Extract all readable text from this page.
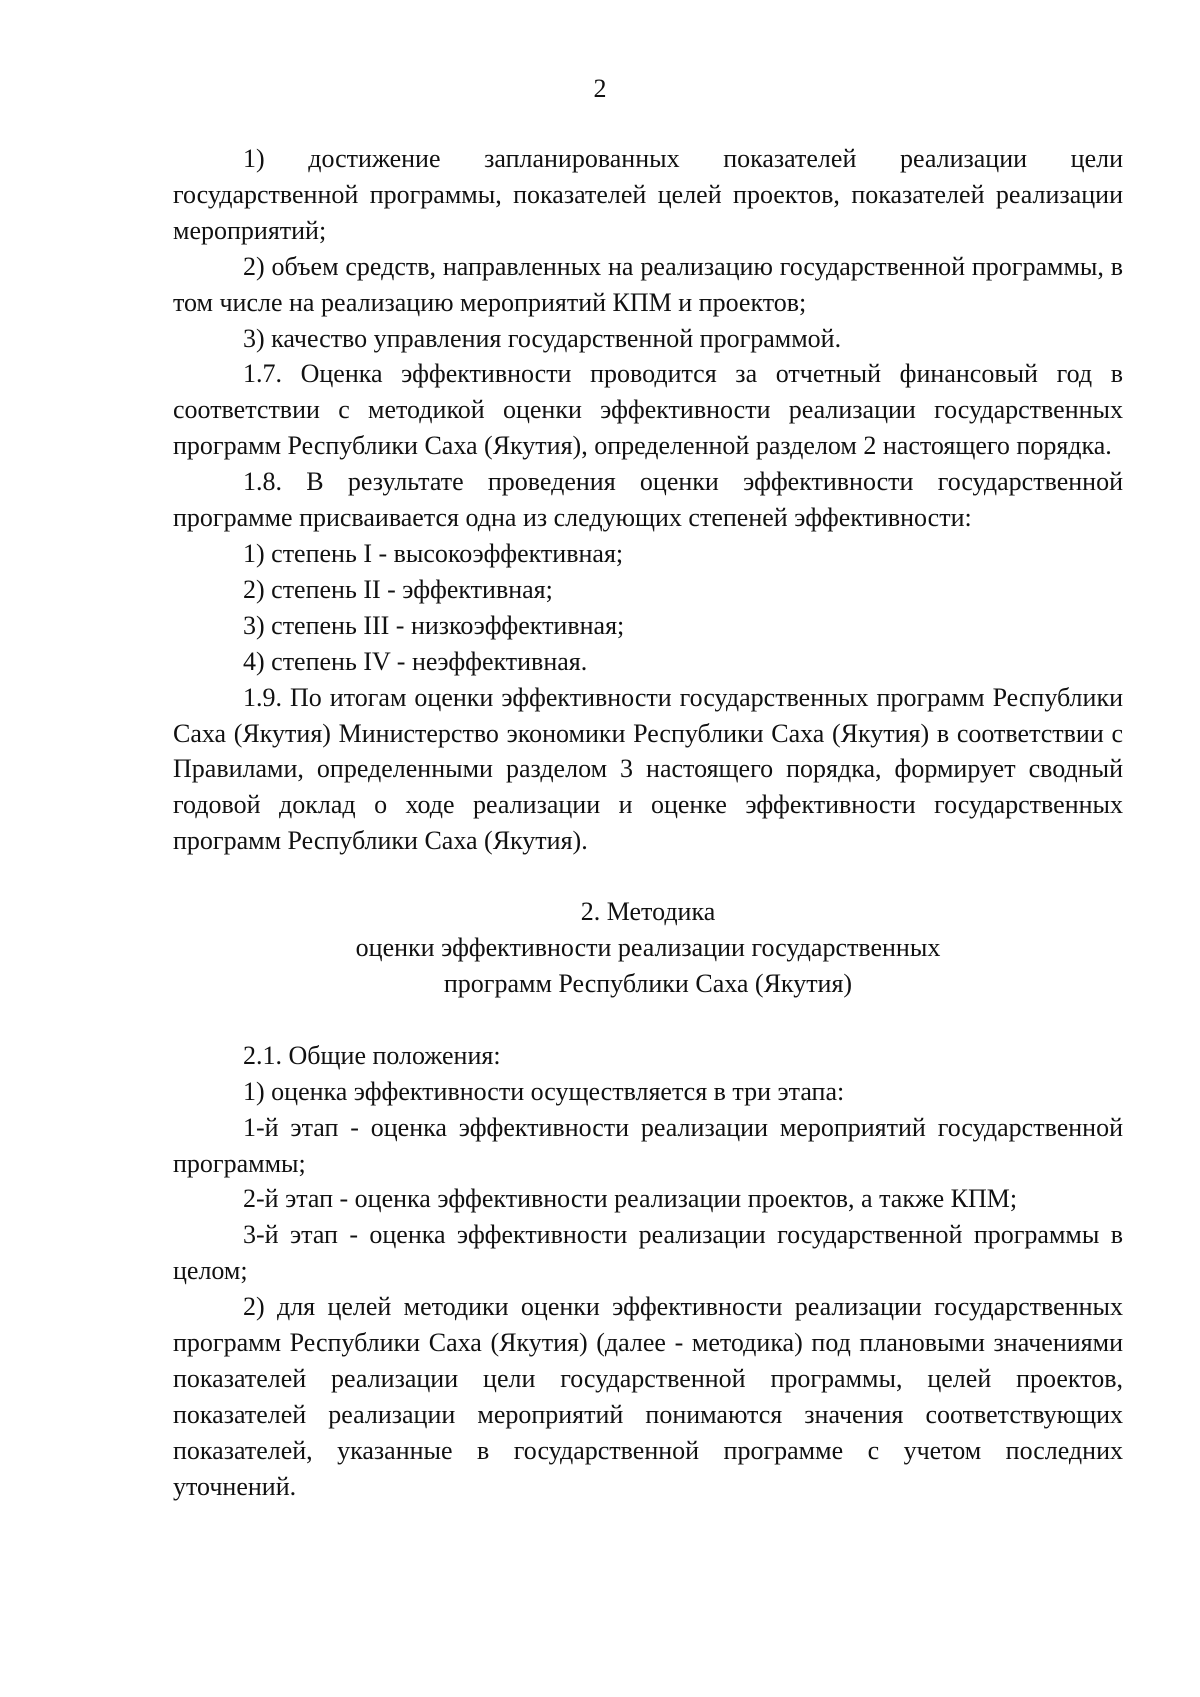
2

1) достижение запланированных показателей реализации цели государственной программы, показателей целей проектов, показателей реализации мероприятий;

2) объем средств, направленных на реализацию государственной программы, в том числе на реализацию мероприятий КПМ и проектов;

3) качество управления государственной программой.

1.7. Оценка эффективности проводится за отчетный финансовый год в соответствии с методикой оценки эффективности реализации государственных программ Республики Саха (Якутия), определенной разделом 2 настоящего порядка.

1.8. В результате проведения оценки эффективности государственной программе присваивается одна из следующих степеней эффективности:

1) степень I - высокоэффективная;

2) степень II - эффективная;

3) степень III - низкоэффективная;

4) степень IV - неэффективная.

1.9. По итогам оценки эффективности государственных программ Республики Саха (Якутия) Министерство экономики Республики Саха (Якутия) в соответствии с Правилами, определенными разделом 3 настоящего порядка, формирует сводный годовой доклад о ходе реализации и оценке эффективности государственных программ Республики Саха (Якутия).

2. Методика

оценки эффективности реализации государственных

программ Республики Саха (Якутия)

2.1. Общие положения:

1) оценка эффективности осуществляется в три этапа:

1-й этап - оценка эффективности реализации мероприятий государственной программы;

2-й этап - оценка эффективности реализации проектов, а также КПМ;

3-й этап - оценка эффективности реализации государственной программы в целом;

2) для целей методики оценки эффективности реализации государственных программ Республики Саха (Якутия) (далее - методика) под плановыми значениями показателей реализации цели государственной программы, целей проектов, показателей реализации мероприятий понимаются значения соответствующих показателей, указанные в государственной программе с учетом последних уточнений.
